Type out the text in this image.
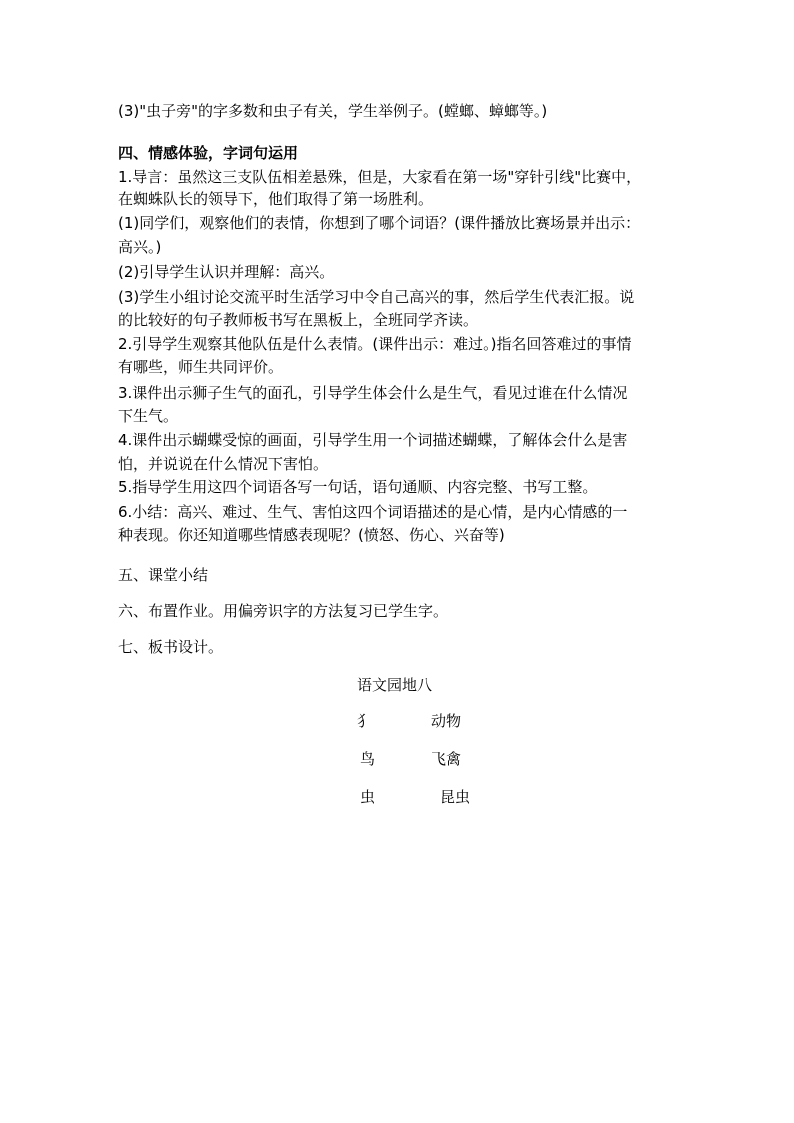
(3)"虫子旁"的字多数和虫子有关，学生举例子。(螳螂、蟑螂等。)
四、情感体验，字词句运用
1.导言：虽然这三支队伍相差悬殊，但是，大家看在第一场"穿针引线"比赛中，
在蜘蛛队长的领导下，他们取得了第一场胜利。
(1)同学们，观察他们的表情，你想到了哪个词语？(课件播放比赛场景并出示：
高兴。)
(2)引导学生认识并理解：高兴。
(3)学生小组讨论交流平时生活学习中令自己高兴的事，然后学生代表汇报。说
的比较好的句子教师板书写在黑板上，全班同学齐读。
2.引导学生观察其他队伍是什么表情。(课件出示：难过。)指名回答难过的事情
有哪些，师生共同评价。
3.课件出示狮子生气的面孔，引导学生体会什么是生气，看见过谁在什么情况
下生气。
4.课件出示蝴蝶受惊的画面，引导学生用一个词描述蝴蝶，了解体会什么是害
怕，并说说在什么情况下害怕。
5.指导学生用这四个词语各写一句话，语句通顺、内容完整、书写工整。
6.小结：高兴、难过、生气、害怕这四个词语描述的是心情，是内心情感的一
种表现。你还知道哪些情感表现呢？(愤怒、伤心、兴奋等)
五、课堂小结
六、布置作业。用偏旁识字的方法复习已学生字。
七、板书设计。
语文园地八
犭	动物
鸟	飞禽
虫	昆虫
